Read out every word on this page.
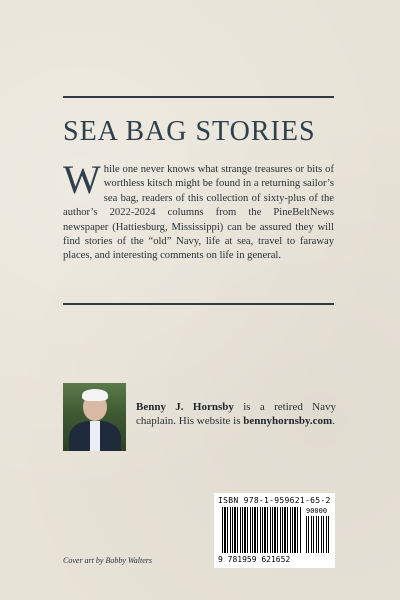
SEA BAG STORIES
While one never knows what strange treasures or bits of worthless kitsch might be found in a returning sailor’s sea bag, readers of this collection of sixty-plus of the author’s 2022-2024 columns from the PineBeltNews newspaper (Hattiesburg, Mississippi) can be assured they will find stories of the “old” Navy, life at sea, travel to faraway places, and interesting comments on life in general.
Benny J. Hornsby is a retired Navy chaplain. His website is bennyhornsby.com.
ISBN 978-1-959621-65-2
90000
9 781959 621652
Cover art by Bobby Walters
